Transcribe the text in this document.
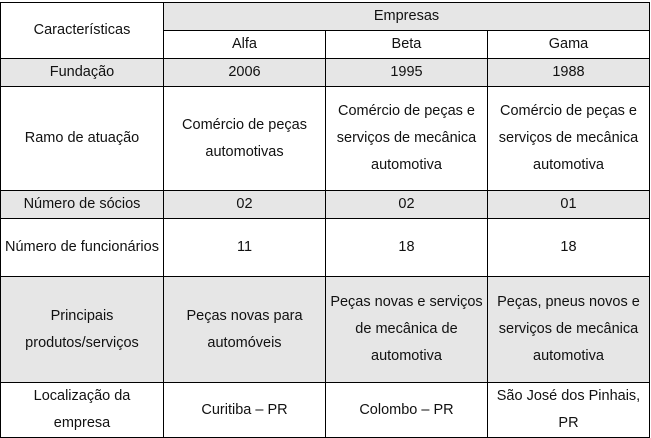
Características	Empresas		
	Alfa	Beta	Gama
Fundação	2006	1995	1988
Ramo de atuação	Comércio de peças automotivas	Comércio de peças e serviços de mecânica automotiva	Comércio de peças e serviços de mecânica automotiva
Número de sócios	02	02	01
Número de funcionários	11	18	18
Principais produtos/serviços	Peças novas para automóveis	Peças novas e serviços de mecânica de automotiva	Peças, pneus novos e serviços de mecânica automotiva
Localização da empresa	Curitiba – PR	Colombo – PR	São José dos Pinhais, PR
